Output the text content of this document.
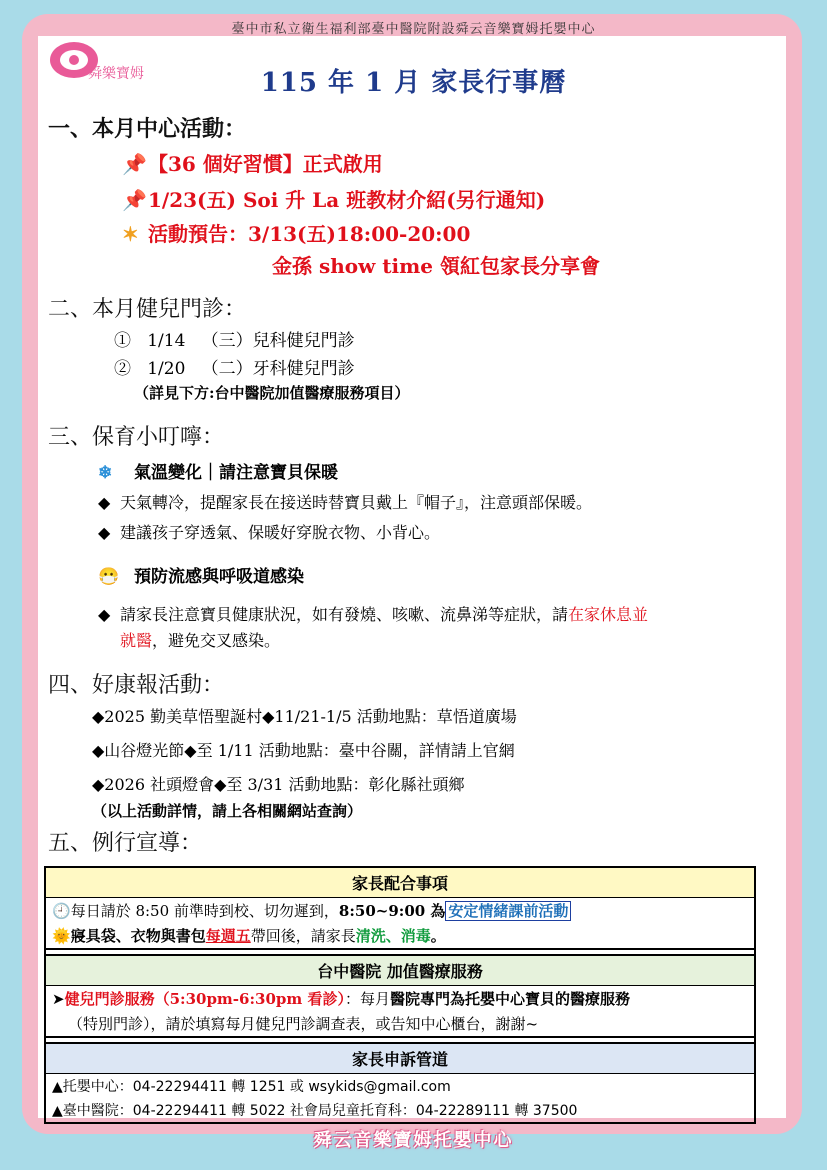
臺中市私立衛生福利部臺中醫院附設舜云音樂寶姆托嬰中心
舜樂寶姆	115 年 1 月 家長行事曆
一、本月中心活動：
📌【36 個好習慣】正式啟用
📌1/23(五) Soi 升 La 班教材介紹(另行通知)
✶ 活動預告：3/13(五)18:00-20:00
金孫 show time 領紅包家長分享會
二、本月健兒門診：
① 1/14 （三）兒科健兒門診
② 1/20 （二）牙科健兒門診
（詳見下方:台中醫院加值醫療服務項目）
三、保育小叮嚀：
❄ 氣溫變化｜請注意寶貝保暖
◆ 天氣轉冷，提醒家長在接送時替寶貝戴上『帽子』，注意頭部保暖。
◆ 建議孩子穿透氣、保暖好穿脫衣物、小背心。
😷 預防流感與呼吸道感染
◆ 請家長注意寶貝健康狀況，如有發燒、咳嗽、流鼻涕等症狀，請在家休息並
就醫，避免交叉感染。
四、好康報活動：
◆2025 勤美草悟聖誕村◆11/21-1/5 活動地點：草悟道廣場
◆山谷燈光節◆至 1/11 活動地點：臺中谷關，詳情請上官網
◆2026 社頭燈會◆至 3/31 活動地點：彰化縣社頭鄉
（以上活動詳情，請上各相關網站查詢）
五、例行宣導：
家長配合事項
🕘每日請於 8:50 前準時到校、切勿遲到，8:50~9:00 為 安定情緒課前活動
🌞寢具袋、衣物與書包每週五帶回後，請家長清洗、消毒。
台中醫院 加值醫療服務
➤健兒門診服務（5:30pm-6:30pm 看診）：每月醫院專門為托嬰中心寶貝的醫療服務
（特別門診），請於填寫每月健兒門診調查表，或告知中心櫃台，謝謝~
家長申訴管道
▲托嬰中心：04-22294411 轉 1251 或 wsykids@gmail.com
▲臺中醫院：04-22294411 轉 5022 社會局兒童托育科：04-22289111 轉 37500
舜云音樂寶姆托嬰中心
